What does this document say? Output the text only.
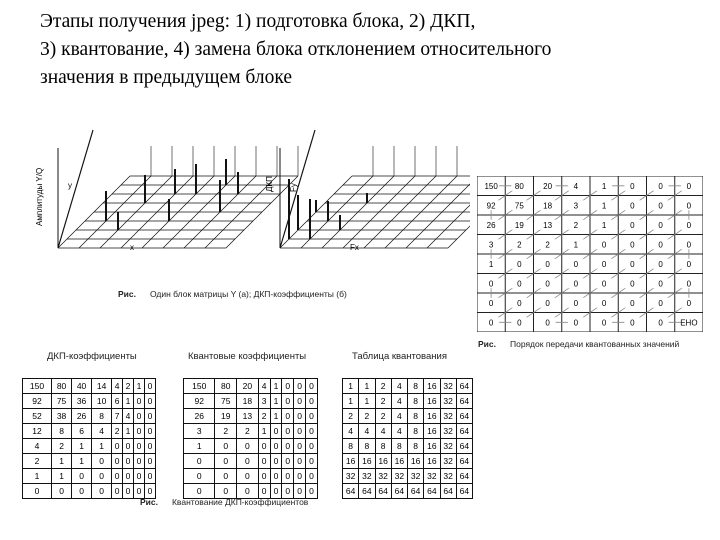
Этапы получения jpeg: 1) подготовка блока, 2) ДКП,
3) квантование, 4) замена блока отклонением относительного
значения в предыдущем блоке
Амплитуды Y/Q	y
x
ДКП Fy
Fx
Рис. Один блок матрицы Y (а); ДКП-коэффициенты (б)
150 80 20	4	1	0	0	0
92 75 18	3	1	0	0	0
26 19 13	2	1	0	0	0
3	2	2	1	0	0	0	0
1	0	0	0	0	0	0	0
0	0	0	0	0	0	0	0
0	0	0	0	0	0	0	0
0	0	0	0	0	0	0 EHO
Рис. Порядок передачи квантованных значений
ДКП-коэффициенты	Квантовые коэффициенты	Таблица квантования
150	80	40	14	4	2	1	0
92	75	36	10	6	1	0	0
52	38	26	8	7	4	0	0
12	8	6	4	2	1	0	0
4	2	1	1	0	0	0	0
2	1	1	0	0	0	0	0
1	1	0	0	0	0	0	0
0	0	0	0	0	0	0	0
150	80	20	4	1	0	0	0
92	75	18	3	1	0	0	0
26	19	13	2	1	0	0	0
3	2	2	1	0	0	0	0
1	0	0	0	0	0	0	0
0	0	0	0	0	0	0	0
0	0	0	0	0	0	0	0
0	0	0	0	0	0	0	0
1	1	2	4	8	16	32	64
1	1	2	4	8	16	32	64
2	2	2	4	8	16	32	64
4	4	4	4	8	16	32	64
8	8	8	8	8	16	32	64
16	16	16	16	16	16	32	64
32	32	32	32	32	32	32	64
64	64	64	64	64	64	64	64
Рис. Квантование ДКП-коэффициентов
